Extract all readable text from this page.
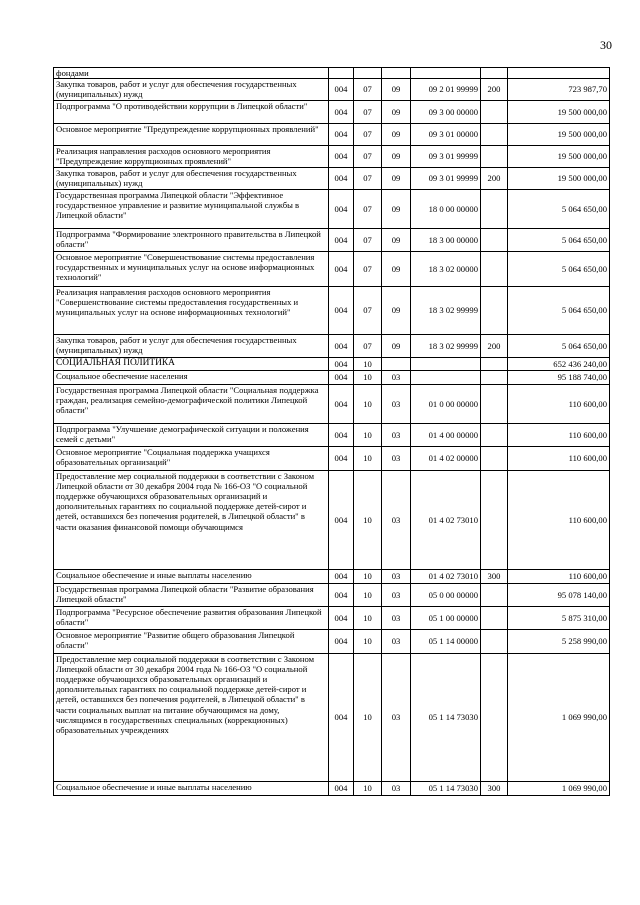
30
фондами						
Закупка товаров, работ и услуг для обеспечения государственных (муниципальных) нужд	004	07	09	09 2 01 99999	200	723 987,70
Подпрограмма "О противодействии коррупции в Липецкой области"	004	07	09	09 3 00 00000		19 500 000,00
Основное мероприятие "Предупреждение коррупционных проявлений"	004	07	09	09 3 01 00000		19 500 000,00
Реализация направления расходов основного мероприятия "Предупреждение коррупционных проявлений"	004	07	09	09 3 01 99999		19 500 000,00
Закупка товаров, работ и услуг для обеспечения государственных (муниципальных) нужд	004	07	09	09 3 01 99999	200	19 500 000,00
Государственная программа Липецкой области "Эффективное государственное управление и развитие муниципальной службы в Липецкой области"	004	07	09	18 0 00 00000		5 064 650,00
Подпрограмма "Формирование электронного правительства в Липецкой области"	004	07	09	18 3 00 00000		5 064 650,00
Основное мероприятие "Совершенствование системы предоставления государственных и муниципальных услуг на основе информационных технологий"	004	07	09	18 3 02 00000		5 064 650,00
Реализация направления расходов основного мероприятия "Совершенствование системы предоставления государственных и муниципальных услуг на основе информационных технологий"	004	07	09	18 3 02 99999		5 064 650,00
Закупка товаров, работ и услуг для обеспечения государственных (муниципальных) нужд	004	07	09	18 3 02 99999	200	5 064 650,00
СОЦИАЛЬНАЯ ПОЛИТИКА	004	10				652 436 240,00
Социальное обеспечение населения	004	10	03			95 188 740,00
Государственная программа Липецкой области "Социальная поддержка граждан, реализация семейно-демографической политики Липецкой области"	004	10	03	01 0 00 00000		110 600,00
Подпрограмма "Улучшение демографической ситуации и положения семей с детьми"	004	10	03	01 4 00 00000		110 600,00
Основное мероприятие "Социальная поддержка учащихся образовательных организаций"	004	10	03	01 4 02 00000		110 600,00
Предоставление мер социальной поддержки в соответствии с Законом Липецкой области от 30 декабря 2004 года № 166-ОЗ "О социальной поддержке обучающихся образовательных организаций и дополнительных гарантиях по социальной поддержке детей-сирот и детей, оставшихся без попечения родителей, в Липецкой области" в части оказания финансовой помощи обучающимся	004	10	03	01 4 02 73010		110 600,00
Социальное обеспечение и иные выплаты населению	004	10	03	01 4 02 73010	300	110 600,00
Государственная программа Липецкой области "Развитие образования Липецкой области"	004	10	03	05 0 00 00000		95 078 140,00
Подпрограмма "Ресурсное обеспечение развития образования Липецкой области"	004	10	03	05 1 00 00000		5 875 310,00
Основное мероприятие "Развитие общего образования Липецкой области"	004	10	03	05 1 14 00000		5 258 990,00
Предоставление мер социальной поддержки в соответствии с Законом Липецкой области от 30 декабря 2004 года № 166-ОЗ "О социальной поддержке обучающихся образовательных организаций и дополнительных гарантиях по социальной поддержке детей-сирот и детей, оставшихся без попечения родителей, в Липецкой области" в части социальных выплат на питание обучающимся на дому, числящимся в государственных специальных (коррекционных) образовательных учреждениях	004	10	03	05 1 14 73030		1 069 990,00
Социальное обеспечение и иные выплаты населению	004	10	03	05 1 14 73030	300	1 069 990,00
